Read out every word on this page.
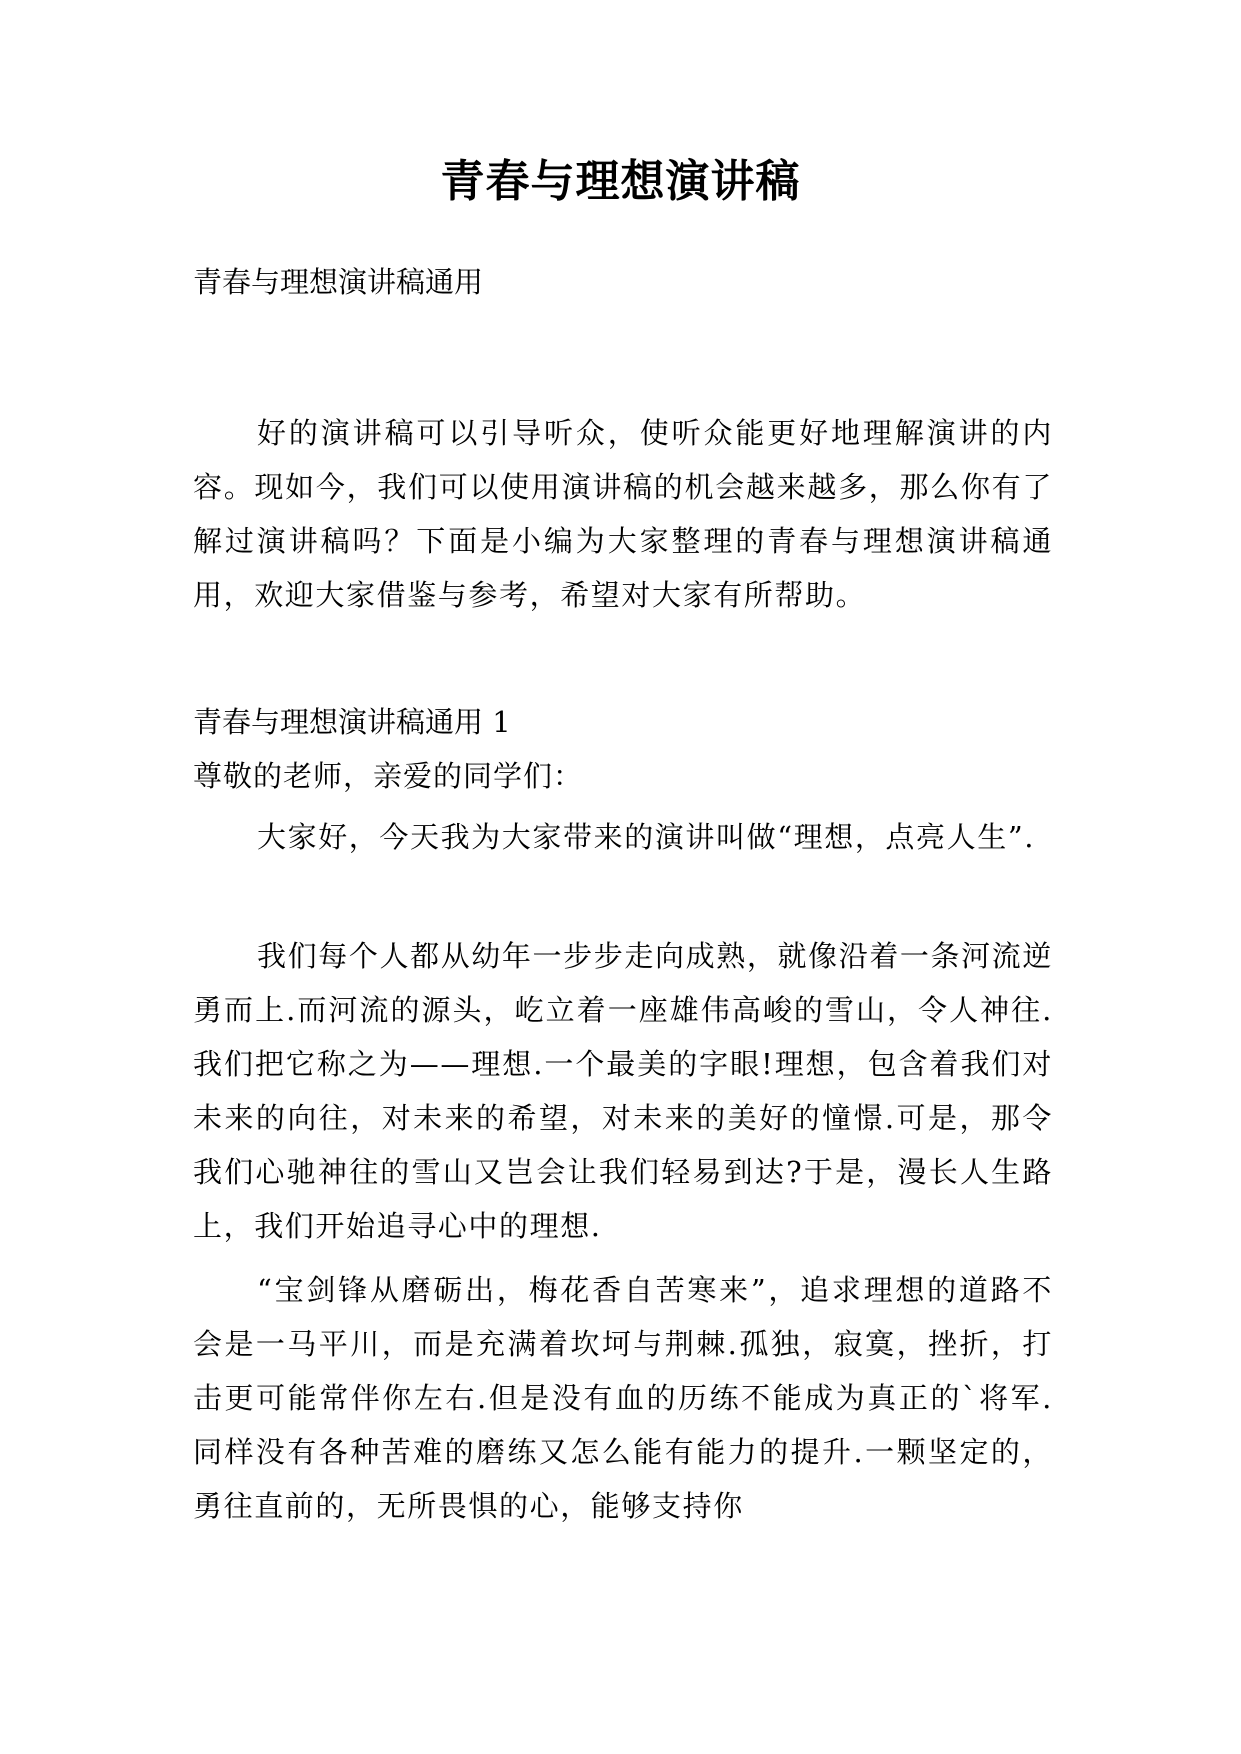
青春与理想演讲稿
青春与理想演讲稿通用
好的演讲稿可以引导听众，使听众能更好地理解演讲的内容。现如今，我们可以使用演讲稿的机会越来越多，那么你有了解过演讲稿吗？下面是小编为大家整理的青春与理想演讲稿通用，欢迎大家借鉴与参考，希望对大家有所帮助。
青春与理想演讲稿通用 1
尊敬的老师，亲爱的同学们：
大家好，今天我为大家带来的演讲叫做“理想，点亮人生”.
我们每个人都从幼年一步步走向成熟，就像沿着一条河流逆勇而上.而河流的源头，屹立着一座雄伟高峻的雪山，令人神往.我们把它称之为——理想.一个最美的字眼!理想，包含着我们对未来的向往，对未来的希望，对未来的美好的憧憬.可是，那令我们心驰神往的雪山又岂会让我们轻易到达?于是，漫长人生路上，我们开始追寻心中的理想.
“宝剑锋从磨砺出，梅花香自苦寒来”，追求理想的道路不会是一马平川，而是充满着坎坷与荆棘.孤独，寂寞，挫折，打击更可能常伴你左右.但是没有血的历练不能成为真正的`将军.同样没有各种苦难的磨练又怎么能有能力的提升.一颗坚定的，勇往直前的，无所畏惧的心，能够支持你
